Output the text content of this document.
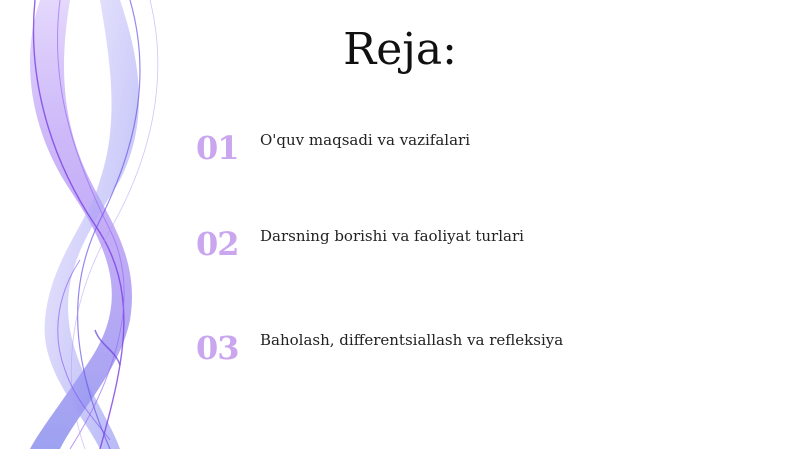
Reja:
01	O'quv maqsadi va vazifalari
02	Darsning borishi va faoliyat turlari
03	Baholash, differentsiallash va refleksiya
